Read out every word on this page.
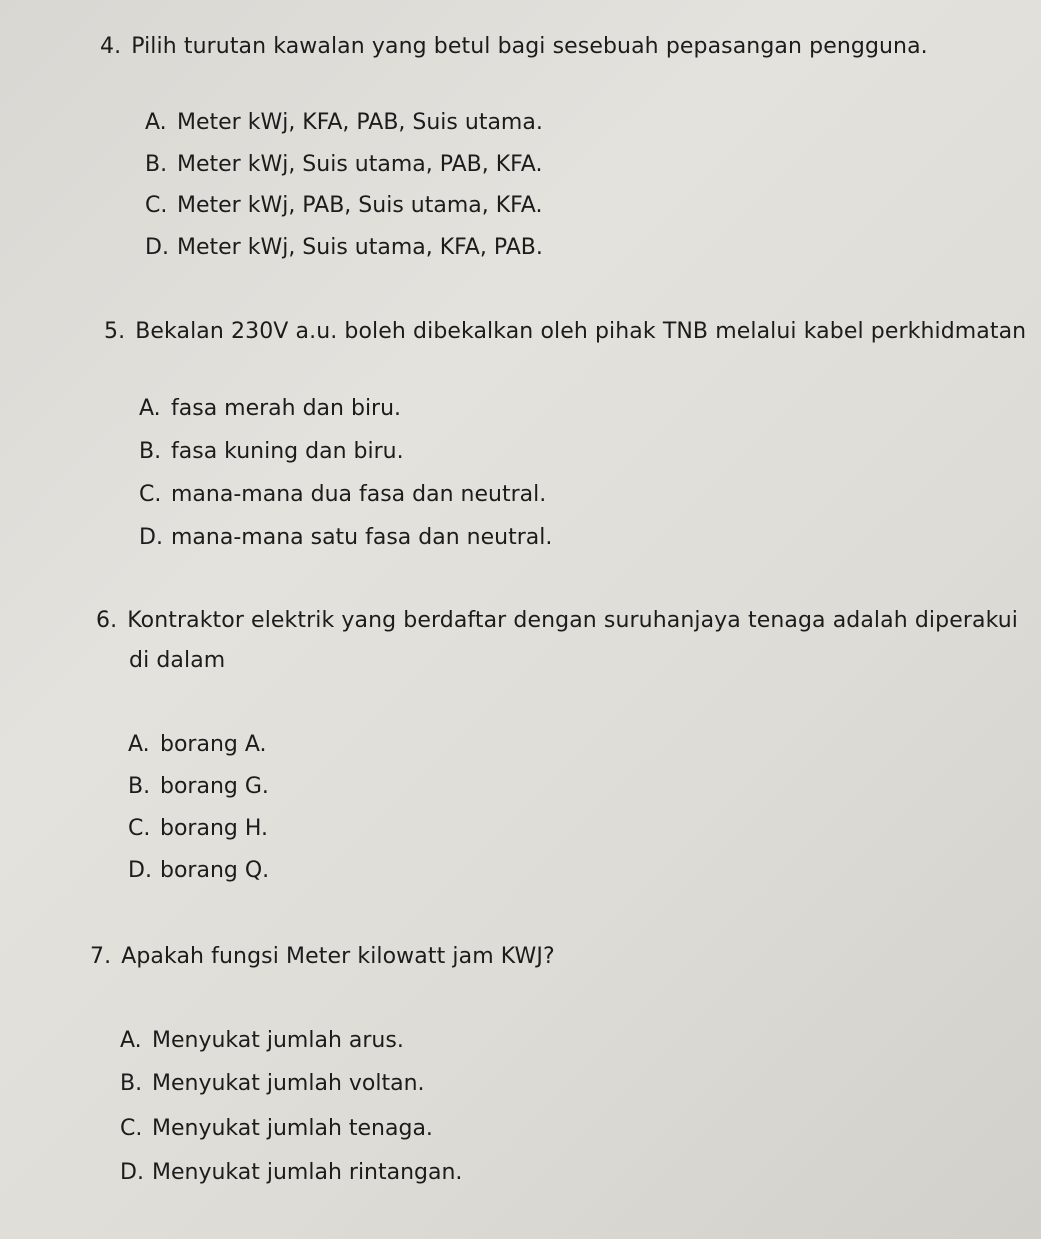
4. Pilih turutan kawalan yang betul bagi sesebuah pepasangan pengguna.
A. Meter kWj, KFA, PAB, Suis utama.
B. Meter kWj, Suis utama, PAB, KFA.
C. Meter kWj, PAB, Suis utama, KFA.
D. Meter kWj, Suis utama, KFA, PAB.
5. Bekalan 230V a.u. boleh dibekalkan oleh pihak TNB melalui kabel perkhidmatan
A. fasa merah dan biru.
B. fasa kuning dan biru.
C. mana-mana dua fasa dan neutral.
D. mana-mana satu fasa dan neutral.
6. Kontraktor elektrik yang berdaftar dengan suruhanjaya tenaga adalah diperakui
di dalam
A. borang A.
B. borang G.
C. borang H.
D. borang Q.
7. Apakah fungsi Meter kilowatt jam KWJ?
A. Menyukat jumlah arus.
B. Menyukat jumlah voltan.
C. Menyukat jumlah tenaga.
D. Menyukat jumlah rintangan.
